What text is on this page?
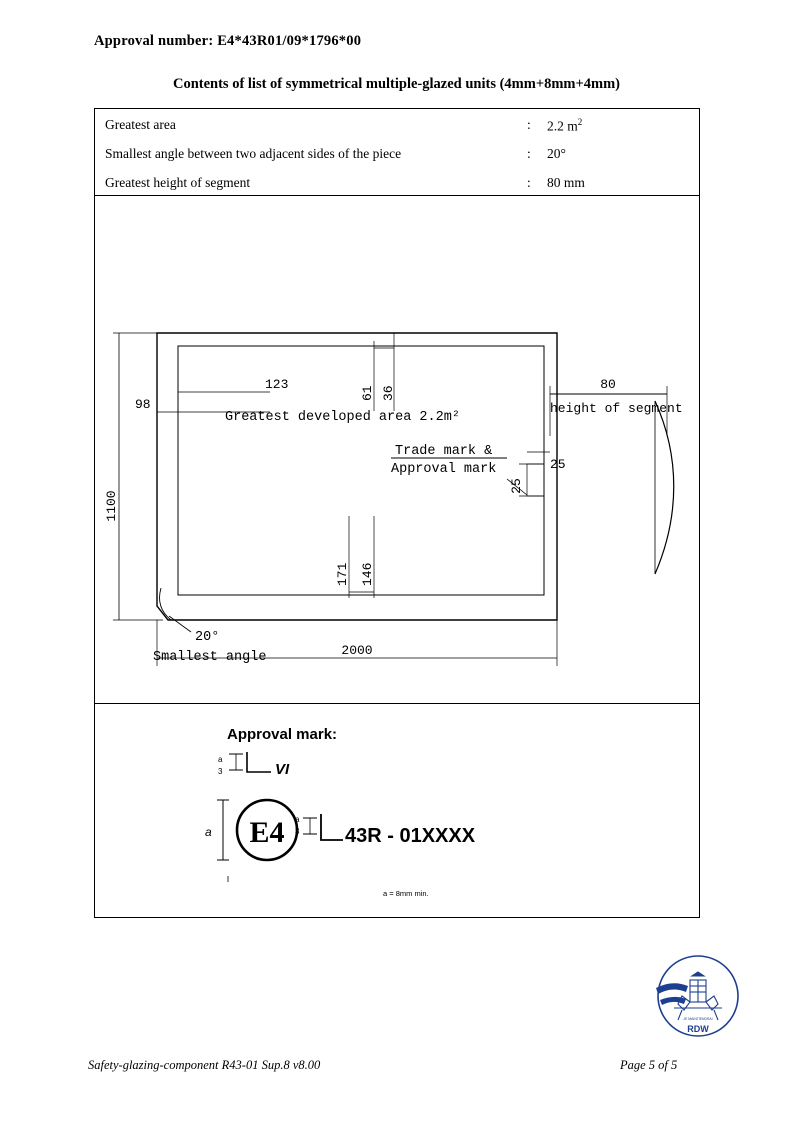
Approval number: E4*43R01/09*1796*00
Contents of list of symmetrical multiple-glazed units (4mm+8mm+4mm)
Greatest area	: 2.2 $m^2$
Smallest angle between two adjacent sides of the piece	: 20°
Greatest height of segment	: 80 mm
80
height of segment
123
98
61 36
171 146
1100
2000
Greatest developed area 2.2m²
Trade mark &
Approval mark	25
25
20°
Smallest angle
Approval mark:
a
3	VI
a E4 a
3 43R - 01XXXX
a = 8mm min.
JE MAINTIENDRAI
RDW
Safety-glazing-component R43-01 Sup.8 v8.00	Page 5 of 5
